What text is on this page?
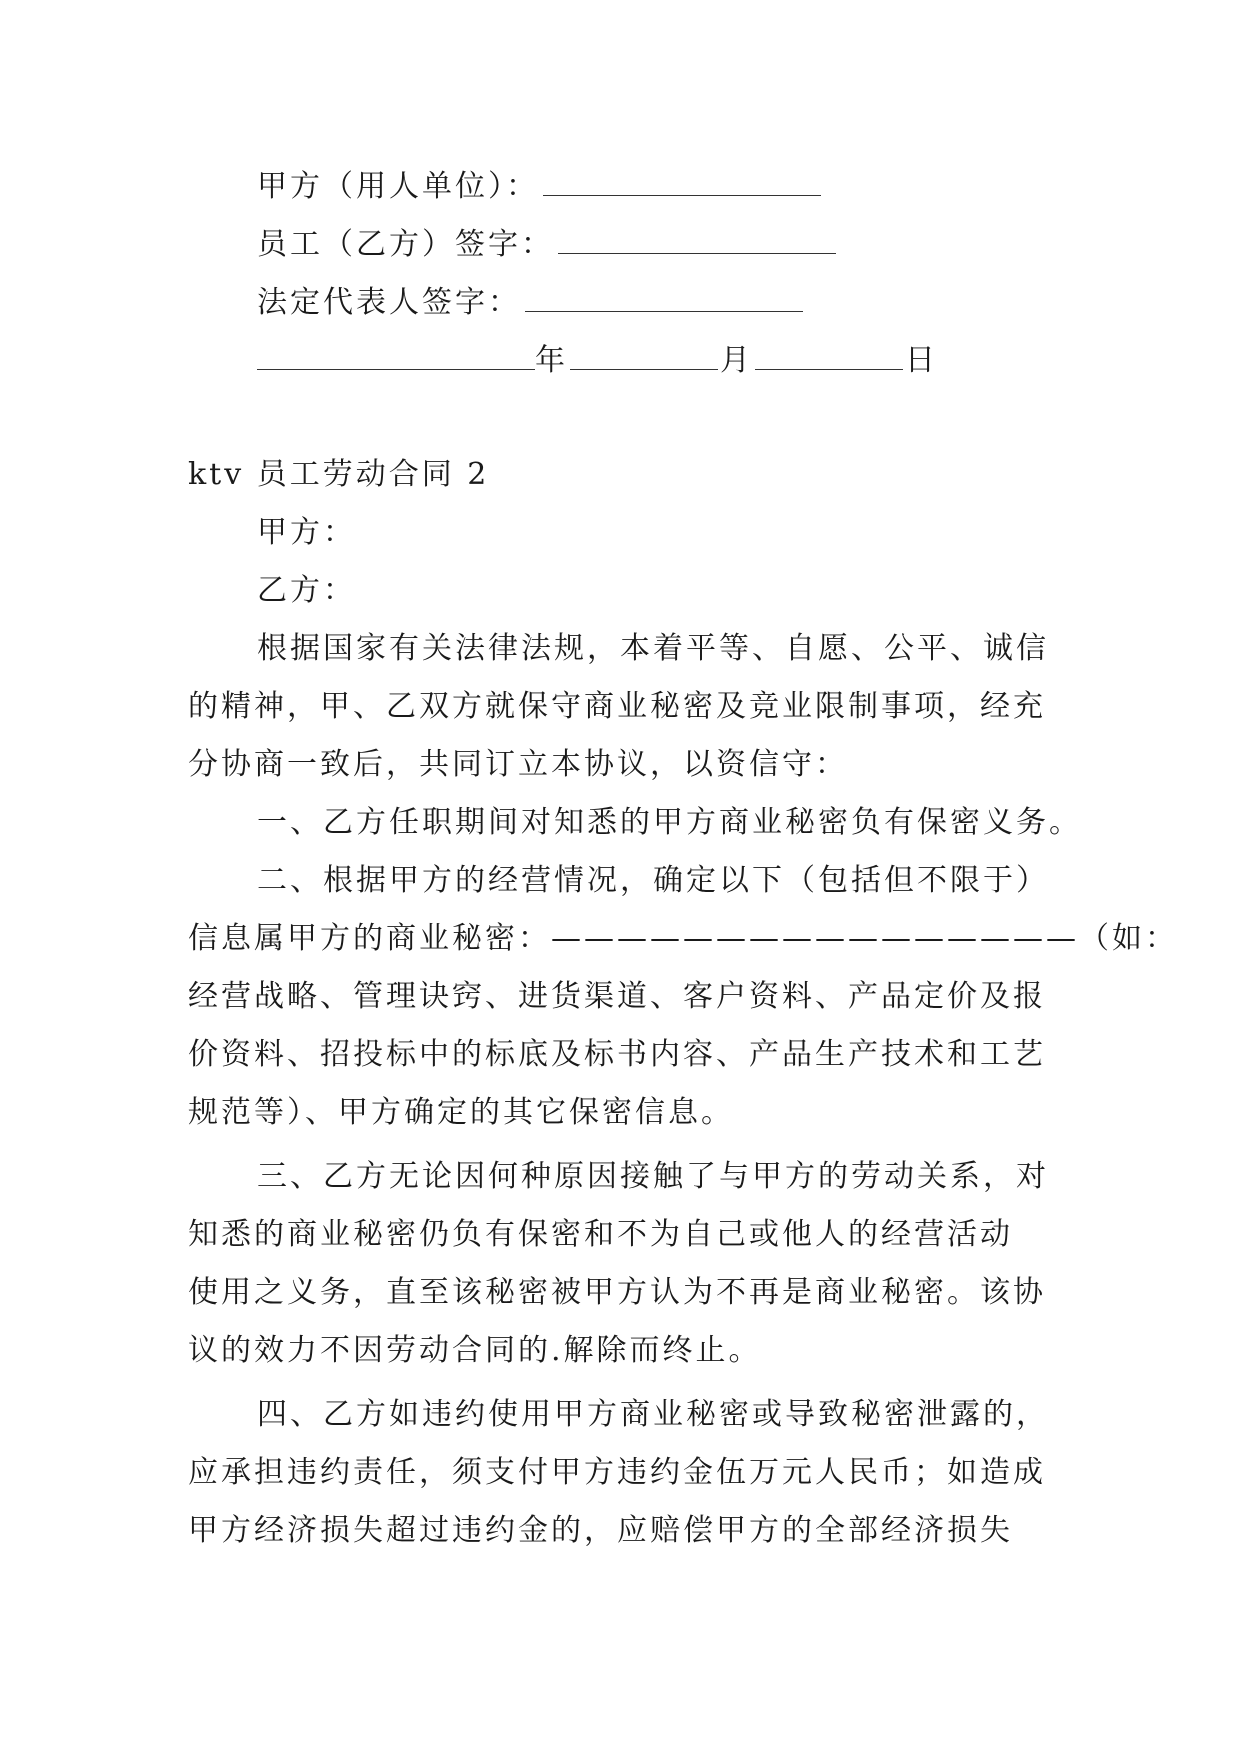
甲方（用人单位）：
员工（乙方）签字：
法定代表人签字：
年	月	日
ktv 员工劳动合同 2
甲方：
乙方：
根据国家有关法律法规，本着平等、自愿、公平、诚信
的精神，甲、乙双方就保守商业秘密及竞业限制事项，经充
分协商一致后，共同订立本协议，以资信守：
一、乙方任职期间对知悉的甲方商业秘密负有保密义务。
二、根据甲方的经营情况，确定以下（包括但不限于）
信息属甲方的商业秘密：————————————————（如：
经营战略、管理诀窍、进货渠道、客户资料、产品定价及报
价资料、招投标中的标底及标书内容、产品生产技术和工艺
规范等）、甲方确定的其它保密信息。
三、乙方无论因何种原因接触了与甲方的劳动关系，对
知悉的商业秘密仍负有保密和不为自己或他人的经营活动
使用之义务，直至该秘密被甲方认为不再是商业秘密。该协
议的效力不因劳动合同的.解除而终止。
四、乙方如违约使用甲方商业秘密或导致秘密泄露的，
应承担违约责任，须支付甲方违约金伍万元人民币；如造成
甲方经济损失超过违约金的，应赔偿甲方的全部经济损失
